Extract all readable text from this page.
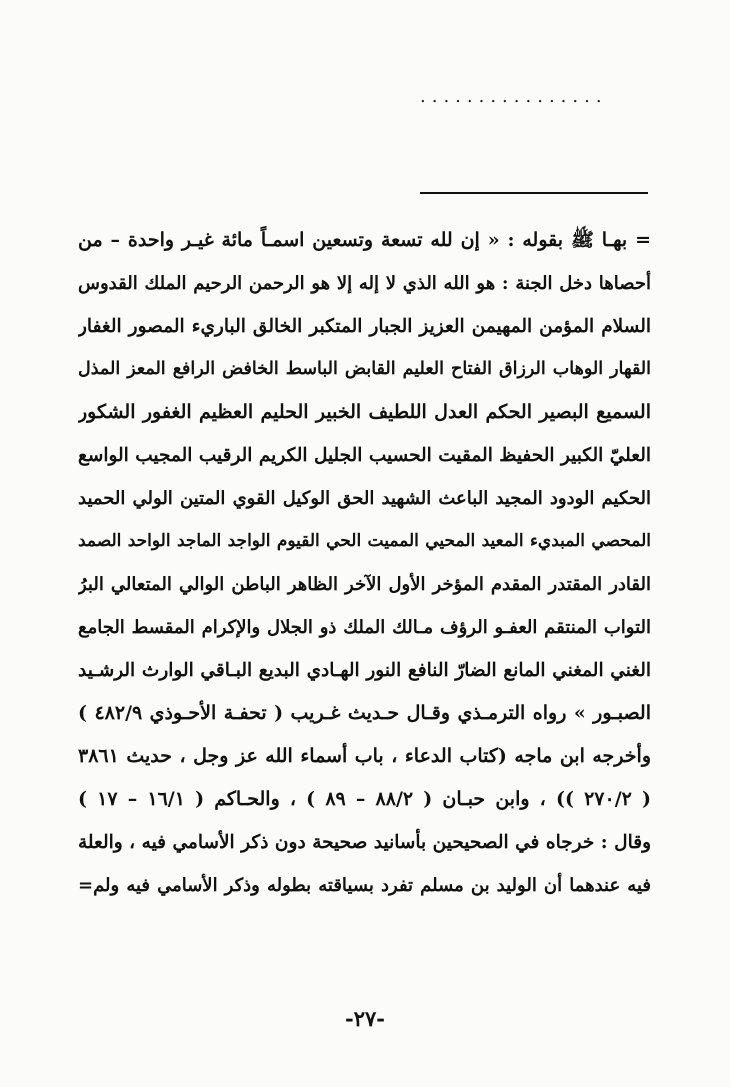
................
= بهـا ﷺ بقوله : « إن لله تسعة وتسعين اسمـاً مائة غيـر واحدة – من
أحصاها دخل الجنة : هو الله الذي لا إله إلا هو الرحمن الرحيم الملك القدوس
السلام المؤمن المهيمن العزيز الجبار المتكبر الخالق الباريء المصور الغفار
القهار الوهاب الرزاق الفتاح العليم القابض الباسط الخافض الرافع المعز المذل
السميع البصير الحكم العدل اللطيف الخبير الحليم العظيم الغفور الشكور
العليّ الكبير الحفيظ المقيت الحسيب الجليل الكريم الرقيب المجيب الواسع
الحكيم الودود المجيد الباعث الشهيد الحق الوكيل القوي المتين الولي الحميد
المحصي المبديء المعيد المحيي المميت الحي القيوم الواجد الماجد الواحد الصمد
القادر المقتدر المقدم المؤخر الأول الآخر الظاهر الباطن الوالي المتعالي البرُ
التواب المنتقم العفـو الرؤف مـالك الملك ذو الجلال والإكرام المقسط الجامع
الغني المغني المانع الضارّ النافع النور الهـادي البديع البـاقي الوارث الرشـيد
الصبـور » رواه الترمـذي وقـال حـديث غـريب ( تحفـة الأحـوذي ٤٨٢/٩ )
وأخرجه ابن ماجه (كتاب الدعاء ، باب أسماء الله عز وجل ، حديث ٣٨٦١
( ٢٧٠/٢ )) ، وابن حبـان ( ٨٨/٢ – ٨٩ ) ، والحـاكم ( ١٦/١ – ١٧ )
وقال : خرجاه في الصحيحين بأسانيد صحيحة دون ذكر الأسامي فيه ، والعلة
فيه عندهما أن الوليد بن مسلم تفرد بسياقته بطوله وذكر الأسامي فيه ولم=
-٢٧-
